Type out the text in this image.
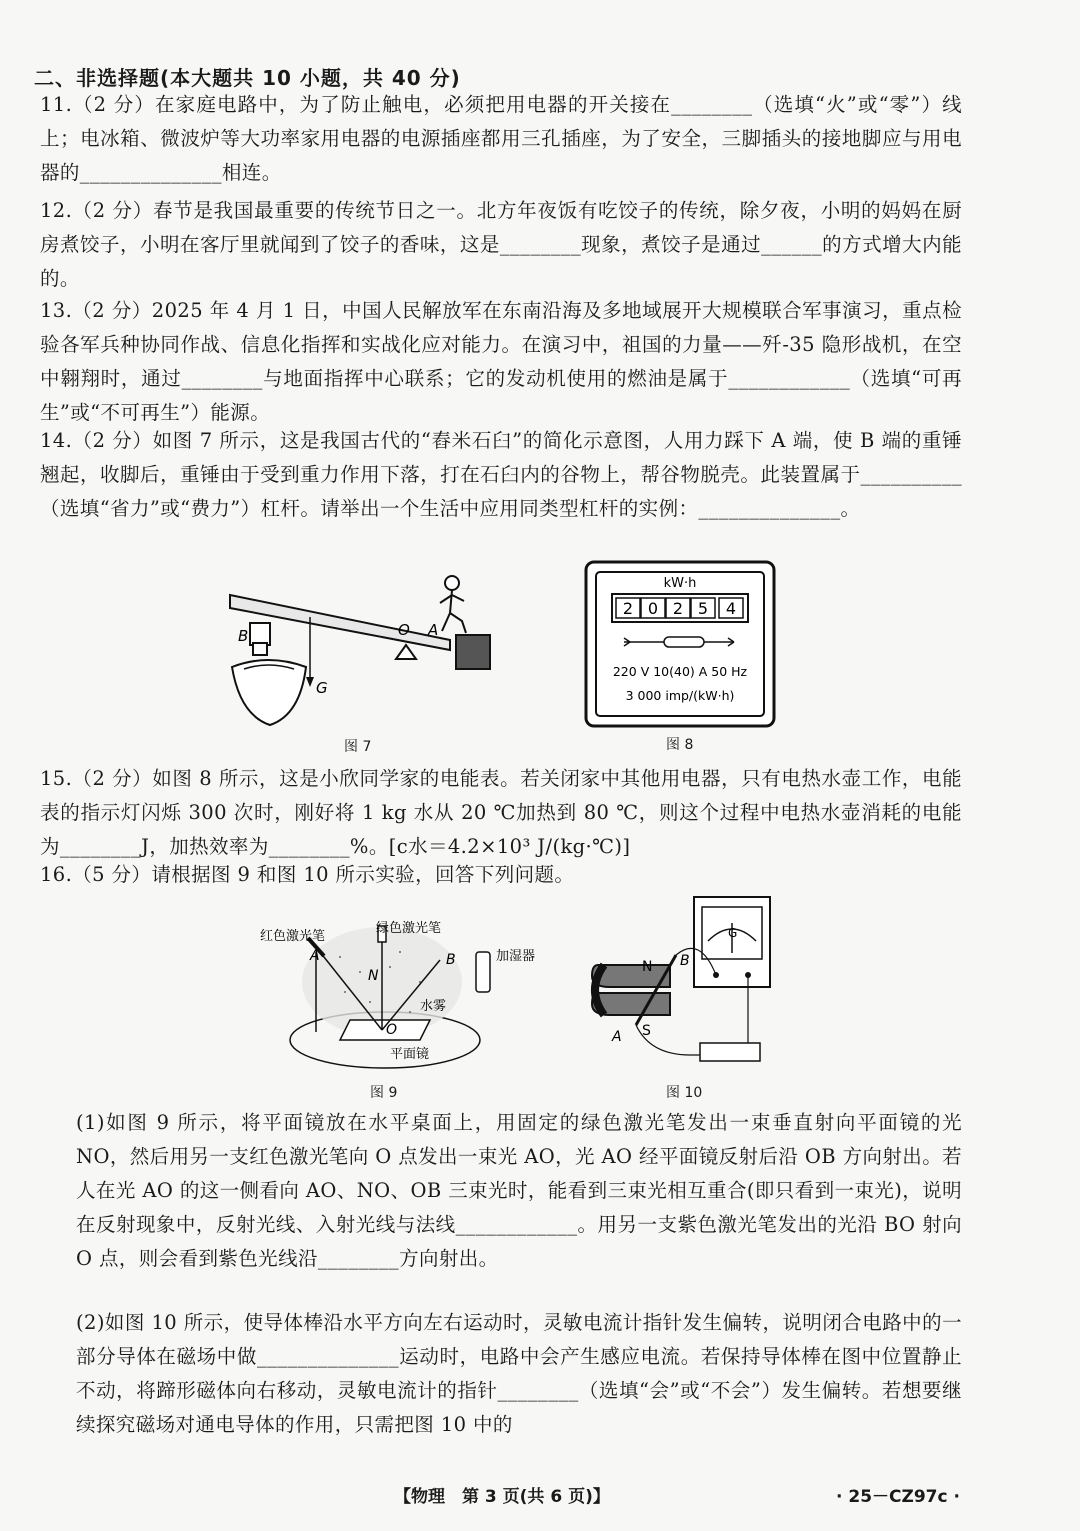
二、非选择题(本大题共 10 小题，共 40 分)
11.（2 分）在家庭电路中，为了防止触电，必须把用电器的开关接在________（选填“火”或“零”）线上；电冰箱、微波炉等大功率家用电器的电源插座都用三孔插座，为了安全，三脚插头的接地脚应与用电器的______________相连。
12.（2 分）春节是我国最重要的传统节日之一。北方年夜饭有吃饺子的传统，除夕夜，小明的妈妈在厨房煮饺子，小明在客厅里就闻到了饺子的香味，这是________现象，煮饺子是通过______的方式增大内能的。
13.（2 分）2025 年 4 月 1 日，中国人民解放军在东南沿海及多地域展开大规模联合军事演习，重点检验各军兵种协同作战、信息化指挥和实战化应对能力。在演习中，祖国的力量——歼-35 隐形战机，在空中翱翔时，通过________与地面指挥中心联系；它的发动机使用的燃油是属于____________（选填“可再生”或“不可再生”）能源。
14.（2 分）如图 7 所示，这是我国古代的“舂米石臼”的简化示意图，人用力踩下 A 端，使 B 端的重锤翘起，收脚后，重锤由于受到重力作用下落，打在石臼内的谷物上，帮谷物脱壳。此装置属于__________（选填“省力”或“费力”）杠杆。请举出一个生活中应用同类型杠杆的实例：______________。
B	O A
G
图 7
kW·h
2 0 2 5 4
220 V 10(40) A 50 Hz
3 000 imp/(kW·h)
图 8
15.（2 分）如图 8 所示，这是小欣同学家的电能表。若关闭家中其他用电器，只有电热水壶工作，电能表的指示灯闪烁 300 次时，刚好将 1 kg 水从 20 ℃加热到 80 ℃，则这个过程中电热水壶消耗的电能为________J，加热效率为________%。[c水＝4.2×10³ J/(kg·℃)]
16.（5 分）请根据图 9 和图 10 所示实验，回答下列问题。
红色激光笔
绿色激光笔
A
N
B
O
水雾
平面镜
加湿器
图 9
G
N B
A S
图 10
(1)如图 9 所示，将平面镜放在水平桌面上，用固定的绿色激光笔发出一束垂直射向平面镜的光 NO，然后用另一支红色激光笔向 O 点发出一束光 AO，光 AO 经平面镜反射后沿 OB 方向射出。若人在光 AO 的这一侧看向 AO、NO、OB 三束光时，能看到三束光相互重合(即只看到一束光)，说明在反射现象中，反射光线、入射光线与法线____________。用另一支紫色激光笔发出的光沿 BO 射向 O 点，则会看到紫色光线沿________方向射出。
(2)如图 10 所示，使导体棒沿水平方向左右运动时，灵敏电流计指针发生偏转，说明闭合电路中的一部分导体在磁场中做______________运动时，电路中会产生感应电流。若保持导体棒在图中位置静止不动，将蹄形磁体向右移动，灵敏电流计的指针________（选填“会”或“不会”）发生偏转。若想要继续探究磁场对通电导体的作用，只需把图 10 中的
【物理　第 3 页(共 6 页)】	· 25－CZ97c ·
